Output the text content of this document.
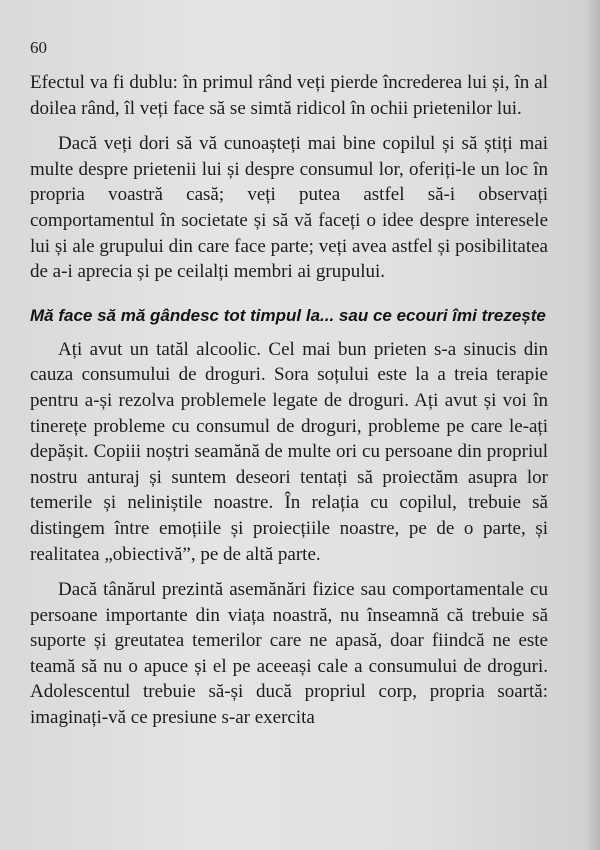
60

Efectul va fi dublu: în primul rând veți pierde încrederea lui și, în al doilea rând, îl veți face să se simtă ridicol în ochii prietenilor lui.

Dacă veți dori să vă cunoașteți mai bine copilul și să știți mai multe despre prietenii lui și despre consumul lor, oferiți-le un loc în propria voastră casă; veți putea astfel să-i observați comportamentul în societate și să vă faceți o idee despre interesele lui și ale grupului din care face parte; veți avea astfel și posibilitatea de a-i aprecia și pe ceilalți membri ai grupului.

Mă face să mă gândesc tot timpul la... sau ce ecouri îmi trezește

Ați avut un tatăl alcoolic. Cel mai bun prieten s-a sinucis din cauza consumului de droguri. Sora soțului este la a treia terapie pentru a-și rezolva problemele legate de droguri. Ați avut și voi în tinerețe probleme cu consumul de droguri, probleme pe care le-ați depășit. Copiii noștri seamănă de multe ori cu persoane din propriul nostru anturaj și suntem deseori tentați să proiectăm asupra lor temerile și neliniștile noastre. În relația cu copilul, trebuie să distingem între emoțiile și proiecțiile noastre, pe de o parte, și realitatea „obiectivă”, pe de altă parte.

Dacă tânărul prezintă asemănări fizice sau comportamentale cu persoane importante din viața noastră, nu înseamnă că trebuie să suporte și greutatea temerilor care ne apasă, doar fiindcă ne este teamă să nu o apuce și el pe aceeași cale a consumului de droguri. Adolescentul trebuie să-și ducă propriul corp, propria soartă: imaginați-vă ce presiune s-ar exercita
